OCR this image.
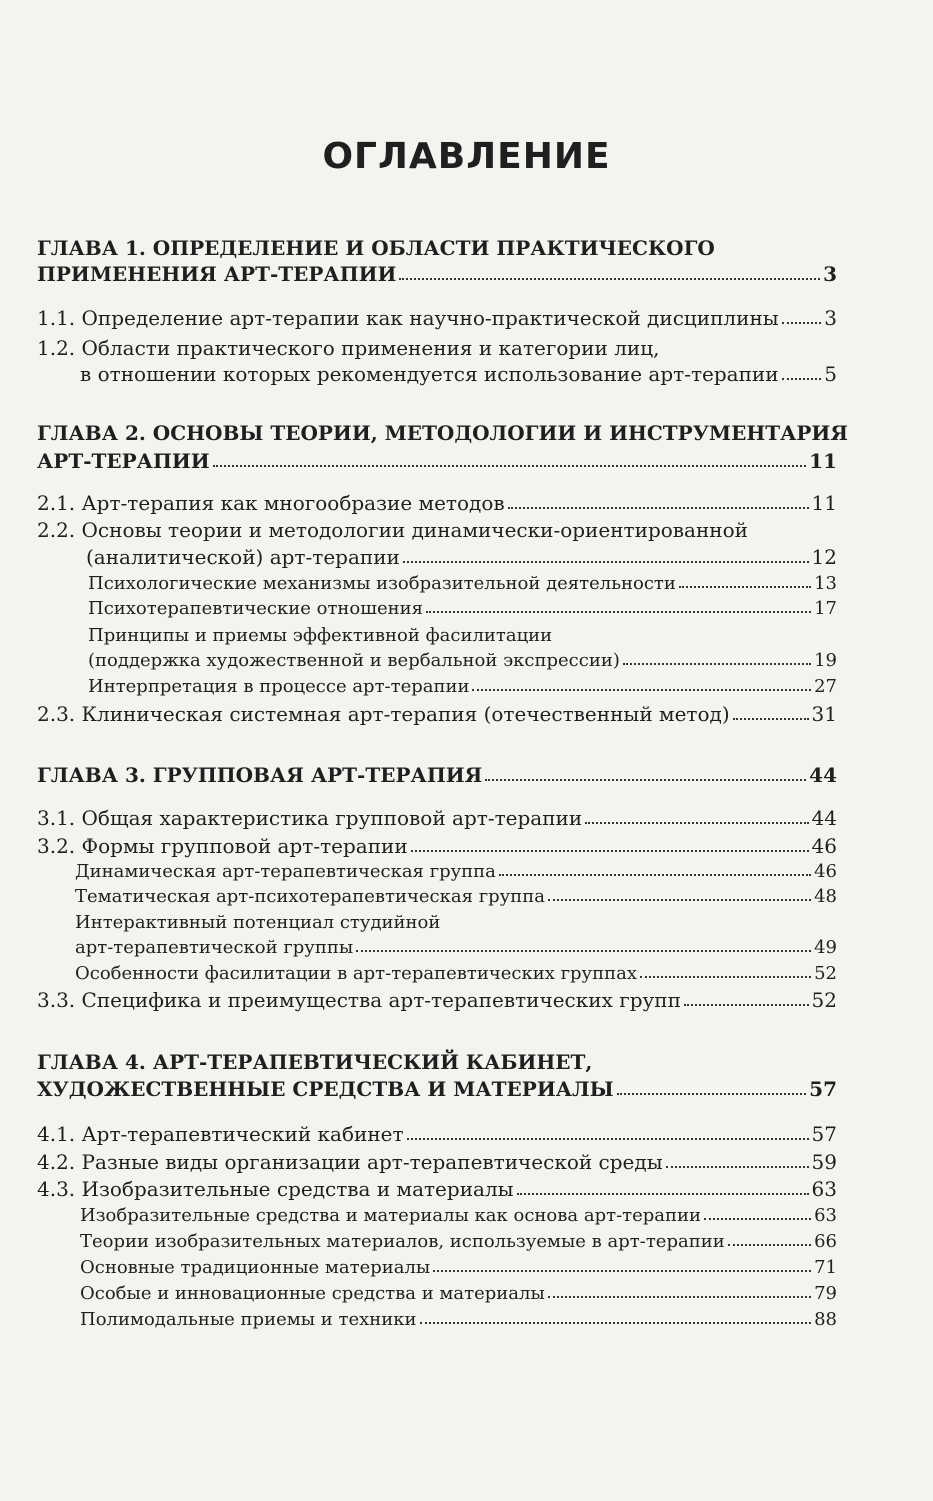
ОГЛАВЛЕНИЕ
ГЛАВА 1. ОПРЕДЕЛЕНИЕ И ОБЛАСТИ ПРАКТИЧЕСКОГО
ПРИМЕНЕНИЯ АРТ-ТЕРАПИИ	3
1.1. Определение арт-терапии как научно-практической дисциплины 3
1.2. Области практического применения и категории лиц,
в отношении которых рекомендуется использование арт-терапии 5
ГЛАВА 2. ОСНОВЫ ТЕОРИИ, МЕТОДОЛОГИИ И ИНСТРУМЕНТАРИЯ
АРТ-ТЕРАПИИ	11
2.1. Арт-терапия как многообразие методов	11
2.2. Основы теории и методологии динамически-ориентированной
(аналитической) арт-терапии	12
Психологические механизмы изобразительной деятельности	13
Психотерапевтические отношения	17
Принципы и приемы эффективной фасилитации
(поддержка художественной и вербальной экспрессии)	19
Интерпретация в процессе арт-терапии	27
2.3. Клиническая системная арт-терапия (отечественный метод)	31
ГЛАВА 3. ГРУППОВАЯ АРТ-ТЕРАПИЯ	44
3.1. Общая характеристика групповой арт-терапии	44
3.2. Формы групповой арт-терапии	46
Динамическая арт-терапевтическая группа	46
Тематическая арт-психотерапевтическая группа	48
Интерактивный потенциал студийной
арт-терапевтической группы	49
Особенности фасилитации в арт-терапевтических группах	52
3.3. Специфика и преимущества арт-терапевтических групп	52
ГЛАВА 4. АРТ-ТЕРАПЕВТИЧЕСКИЙ КАБИНЕТ,
ХУДОЖЕСТВЕННЫЕ СРЕДСТВА И МАТЕРИАЛЫ	57
4.1. Арт-терапевтический кабинет	57
4.2. Разные виды организации арт-терапевтической среды	59
4.3. Изобразительные средства и материалы	63
Изобразительные средства и материалы как основа арт-терапии	63
Теории изобразительных материалов, используемые в арт-терапии	66
Основные традиционные материалы	71
Особые и инновационные средства и материалы	79
Полимодальные приемы и техники	88
